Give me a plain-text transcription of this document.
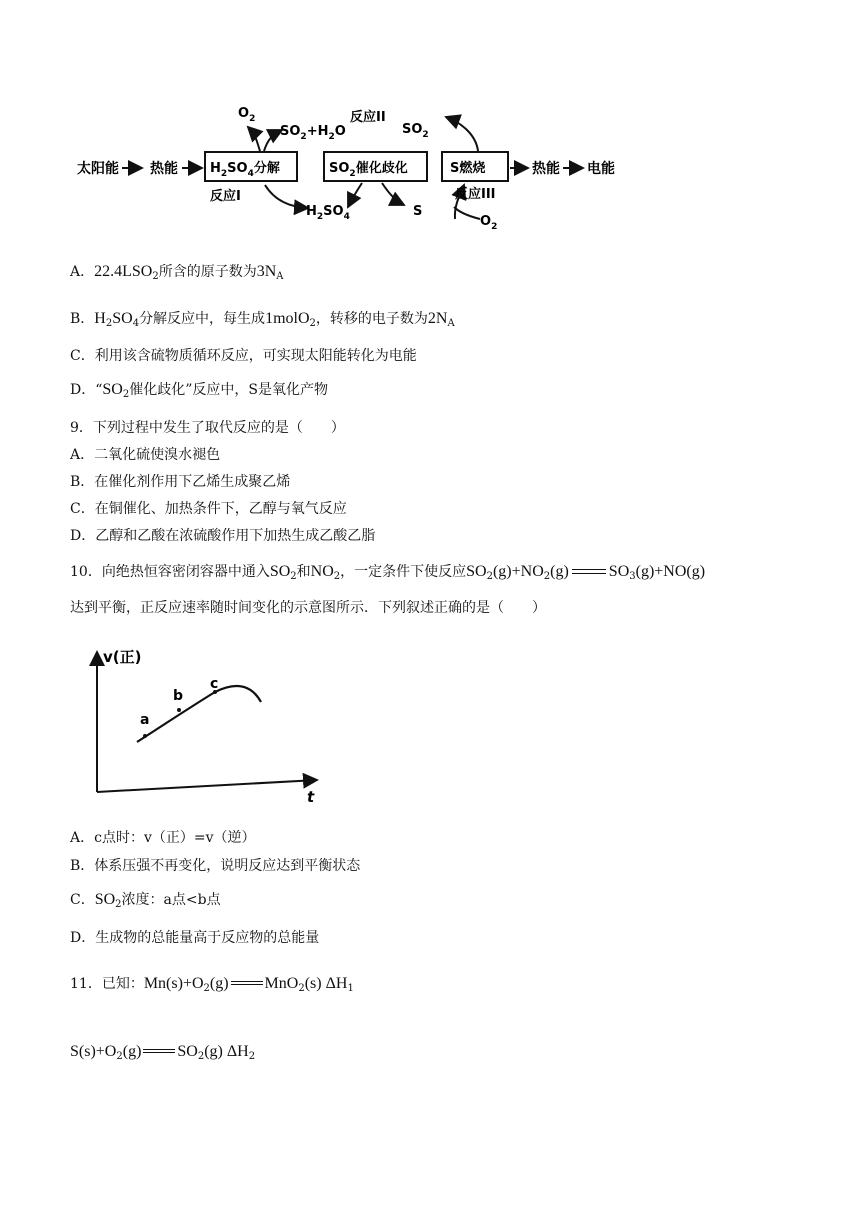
太阳能 热能 $H_2SO_4$分解	$SO_2$催化歧化	S燃烧	热能 电能
$O_2$
$SO_2+H_2O$
反应II
$SO_2$
反应I
$H_2SO_4$	S
反应III
$O_2$
A．$22.4LSO_2$所含的原子数为$3N_A$
B．$H_2SO_4$分解反应中，每生成1molO$_2$，转移的电子数为$2N_A$
C．利用该含硫物质循环反应，可实现太阳能转化为电能
D．“$SO_2$催化歧化”反应中，S是氧化产物
9．下列过程中发生了取代反应的是（　　）
A．二氧化硫使溴水褪色
B．在催化剂作用下乙烯生成聚乙烯
C．在铜催化、加热条件下，乙醇与氧气反应
D．乙醇和乙酸在浓硫酸作用下加热生成乙酸乙脂
10．向绝热恒容密闭容器中通入$SO_2$和$NO_2$，一定条件下使反应$SO_2(g)+NO_2(g)$	$SO_3(g)+NO(g)$
达到平衡，正反应速率随时间变化的示意图所示．下列叙述正确的是（　　）
v(正)
t
a
b
c
A．c点时：v（正）=v（逆）
B．体系压强不再变化，说明反应达到平衡状态
C．$SO_2$浓度：a点<b点
D．生成物的总能量高于反应物的总能量
11．已知：$Mn(s)+O_2(g)$ MnO$_2$(s) $\Delta H_1$
$S(s)+O_2(g)$ $SO_2(g)$ $\Delta H_2$
